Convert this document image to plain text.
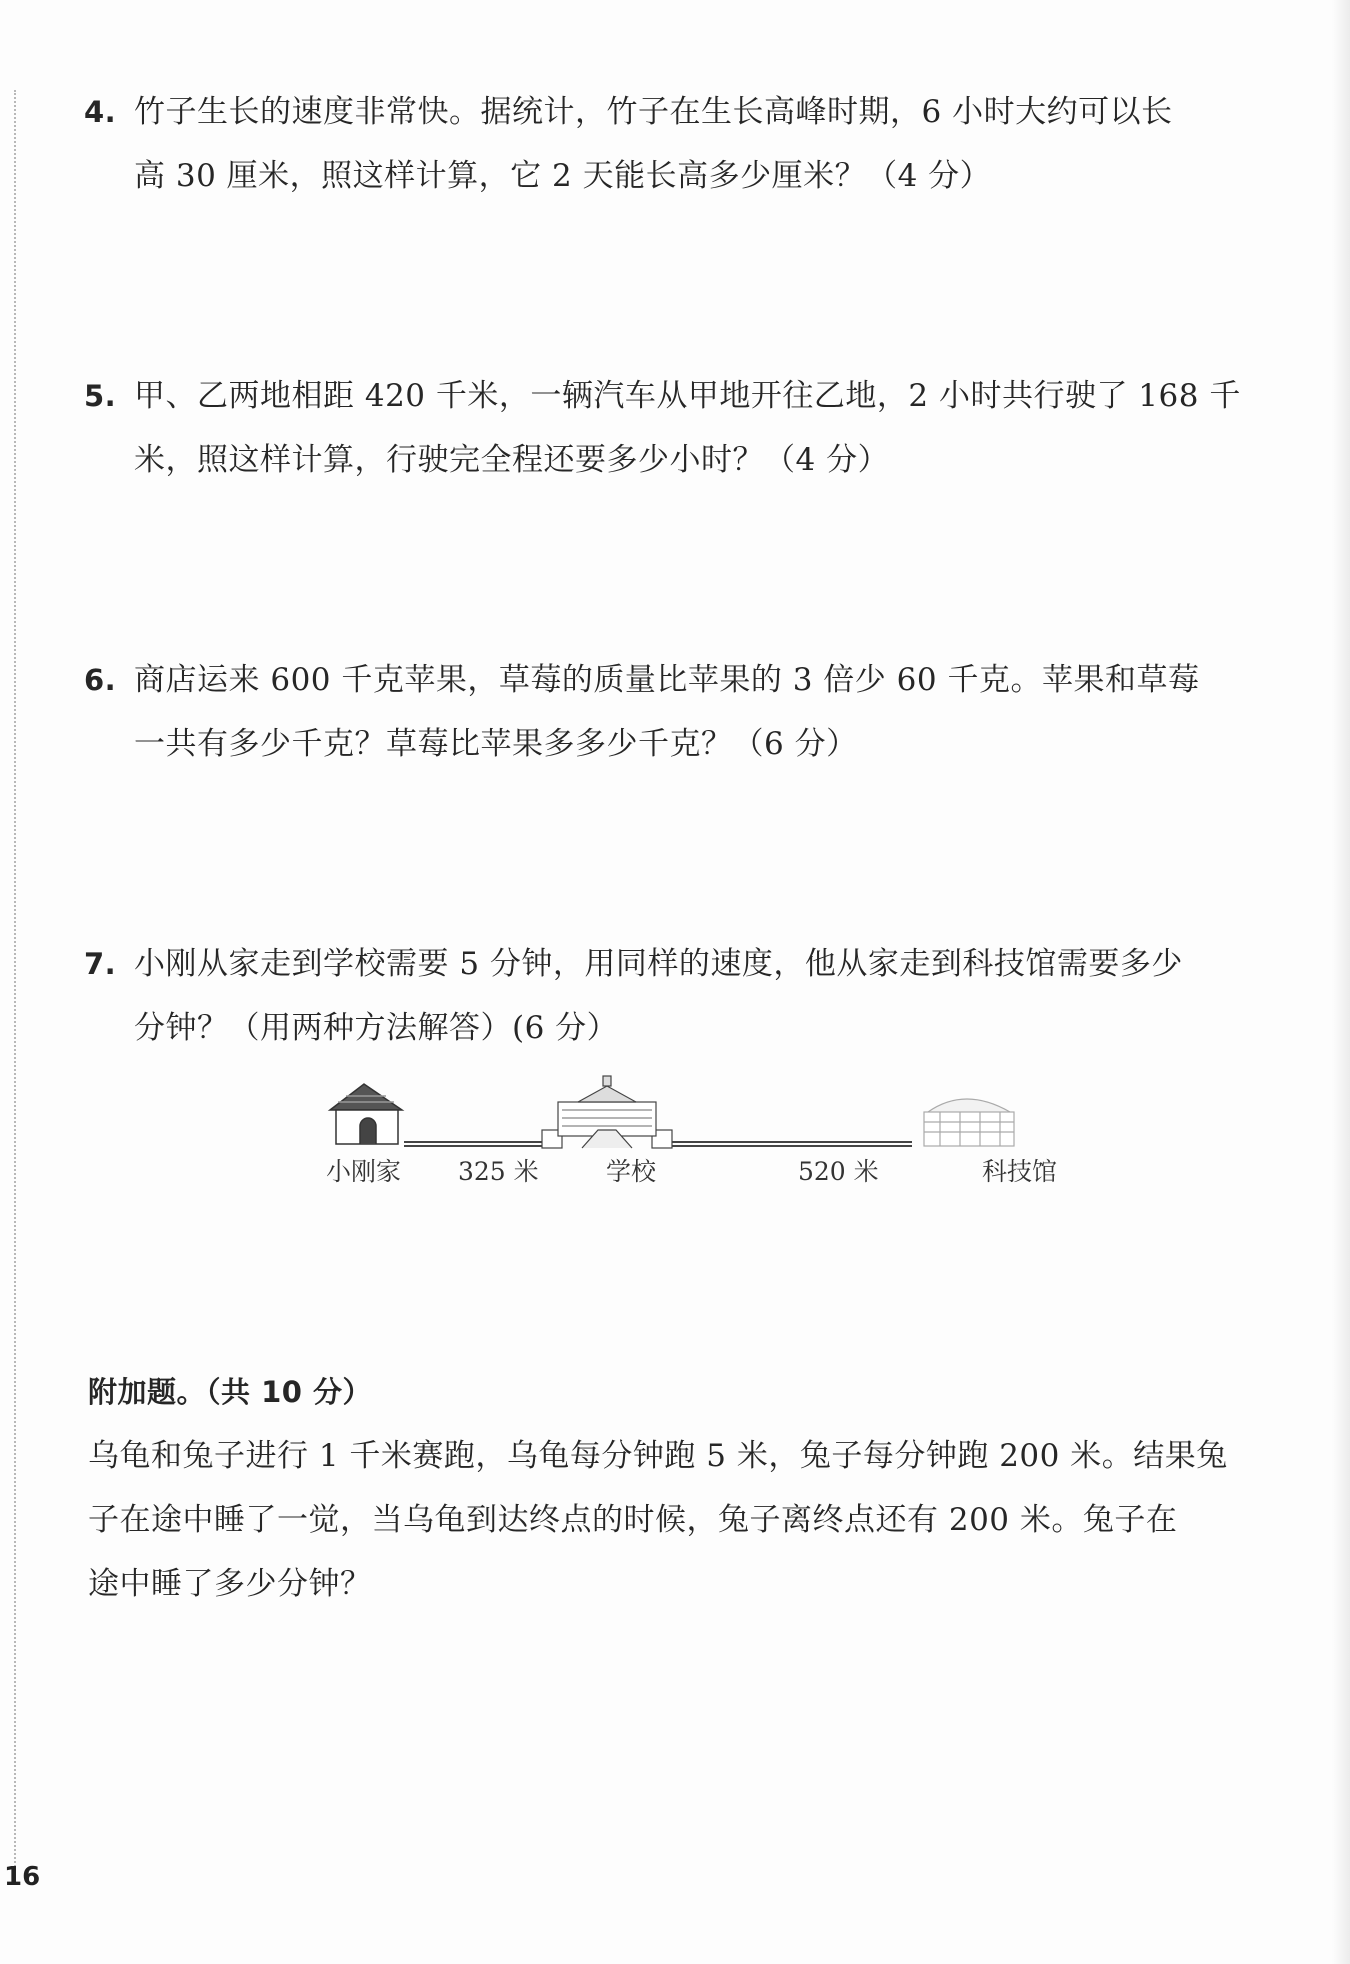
4. 竹子生长的速度非常快。据统计，竹子在生长高峰时期，6 小时大约可以长
高 30 厘米，照这样计算，它 2 天能长高多少厘米？（4 分）
5. 甲、乙两地相距 420 千米，一辆汽车从甲地开往乙地，2 小时共行驶了 168 千
米，照这样计算，行驶完全程还要多少小时？（4 分）
6. 商店运来 600 千克苹果，草莓的质量比苹果的 3 倍少 60 千克。苹果和草莓
一共有多少千克？草莓比苹果多多少千克？（6 分）
7. 小刚从家走到学校需要 5 分钟，用同样的速度，他从家走到科技馆需要多少
分钟？（用两种方法解答）(6 分）
小刚家 325 米	学校	520 米	科技馆
附加题。（共 10 分）
乌龟和兔子进行 1 千米赛跑，乌龟每分钟跑 5 米，兔子每分钟跑 200 米。结果兔
子在途中睡了一觉，当乌龟到达终点的时候，兔子离终点还有 200 米。兔子在
途中睡了多少分钟？
16
